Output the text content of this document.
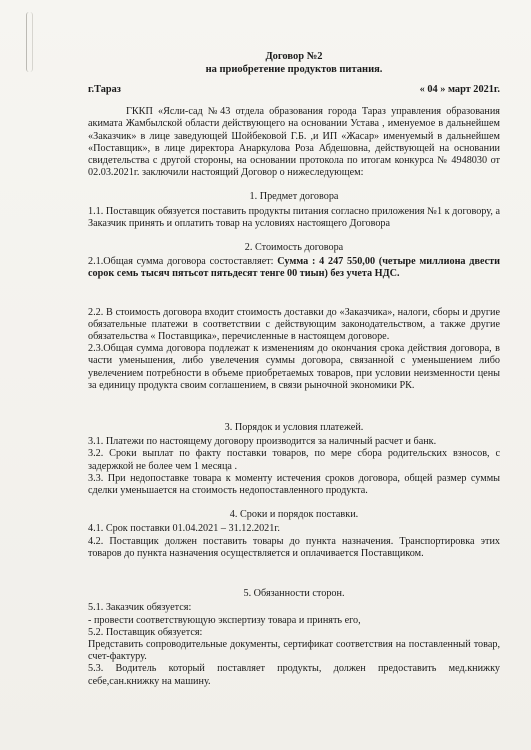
Договор №2

на приобретение продуктов питания.

г.Тараз	« 04 » март 2021г.

ГККП «Ясли-сад №43 отдела образования города Тараз управления образования акимата Жамбылской области действующего на основании Устава , именуемое в дальнейшем «Заказчик» в лице заведующей Шойбековой Г.Б. ,и ИП «Жасар» именуемый в дальнейшем «Поставщик», в лице директора Анаркулова Роза Абдешовна, действующей на основании свидетельства с другой стороны, на основании протокола по итогам конкурса № 4948030 от 02.03.2021г. заключили настоящий Договор о нижеследующем:

1. Предмет договора

1.1. Поставщик обязуется поставить продукты питания согласно приложения №1 к договору, а Заказчик принять и оплатить товар на условиях настоящего Договора

2. Стоимость договора

2.1.Общая сумма договора состоставляет: Сумма : 4 247 550,00 (четыре миллиона двести сорок семь тысяч пятьсот пятьдесят тенге 00 тиын) без учета НДС.

2.2. В стоимость договора входит стоимость доставки до «Заказчика», налоги, сборы и другие обязательные платежи в соответствии с действующим законодательством, а также другие обязательства « Поставщика», перечисленные в настоящем договоре.

2.3.Общая сумма договора подлежат к изменениям до окончания срока действия договора, в части уменьшения, либо увелечения суммы договора, связанной с уменьшением либо увелечением потребности в объеме приобретаемых товаров, при условии неизменности цены за единицу продукта своим соглашением, в связи рыночной экономики РК.

3. Порядок и условия платежей.

3.1. Платежи по настоящему договору производится за наличный расчет и банк.

3.2. Сроки выплат по факту поставки товаров, по мере сбора родительских взносов, с задержкой не более чем 1 месяца .

3.3. При недопоставке товара к моменту истечения сроков договора, общей размер суммы сделки уменьшается на стоимость недопоставленного продукта.

4. Сроки и порядок поставки.

4.1. Срок поставки 01.04.2021 – 31.12.2021г.

4.2. Поставщик должен поставить товары до пункта назначения. Транспортировка этих товаров до пункта назначения осуществляется и оплачивается Поставщиком.

5. Обязанности сторон.

5.1. Заказчик обязуется:

- провести соответствующую экспертизу товара и принять его,

5.2. Поставщик обязуется:

Представить сопроводительные документы, сертификат соответствия на поставленный товар, счет-фактуру.

5.3. Водитель который поставляет продукты, должен предоставить мед.книжку себе,сан.книжку на машину.
